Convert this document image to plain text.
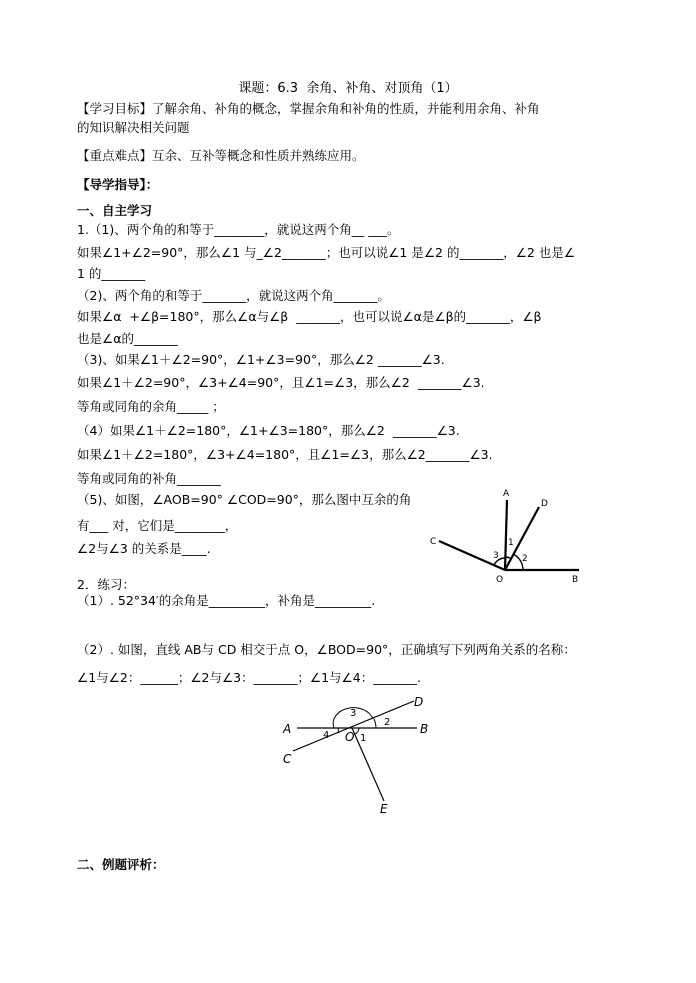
课题：6.3  余角、补角、对顶角（1）
【学习目标】了解余角、补角的概念，掌握余角和补角的性质，并能利用余角、补角
的知识解决相关问题
【重点难点】互余、互补等概念和性质并熟练应用。
【导学指导】：
一、自主学习
1.（1)、两个角的和等于________，就说这两个角__ ___。
如果∠1+∠2=90°，那么∠1 与_∠2_______；也可以说∠1 是∠2 的_______，∠2 也是∠
1 的_______
（2)、两个角的和等于_______，就说这两个角_______。
如果∠α  +∠β=180°，那么∠α与∠β  _______，也可以说∠α是∠β的_______，∠β
也是∠α的_______
（3)、如果∠1＋∠2=90°，∠1+∠3=90°，那么∠2 _______∠3.
如果∠1＋∠2=90°，∠3+∠4=90°，且∠1=∠3，那么∠2  _______∠3.
等角或同角的余角_____ ；
（4）如果∠1＋∠2=180°，∠1+∠3=180°，那么∠2  _______∠3.
如果∠1＋∠2=180°，∠3+∠4=180°，且∠1=∠3，那么∠2_______∠3.
等角或同角的补角_______
（5)、如图，∠AOB=90° ∠COD=90°，那么图中互余的角
有___ 对，它们是________，
∠2与∠3 的关系是____.
A
D
C
O	B
1
2
3
2．练习：
（1）. 52°34′的余角是_________，补角是_________.
（2）. 如图，直线 AB与 CD 相交于点 O，∠BOD=90°，正确填写下列两角关系的名称：
∠1与∠2：______；∠2与∠3：_______；∠1与∠4：_______.
A	B
C
D
E
O 1
2
3
4
二、例题评析：
